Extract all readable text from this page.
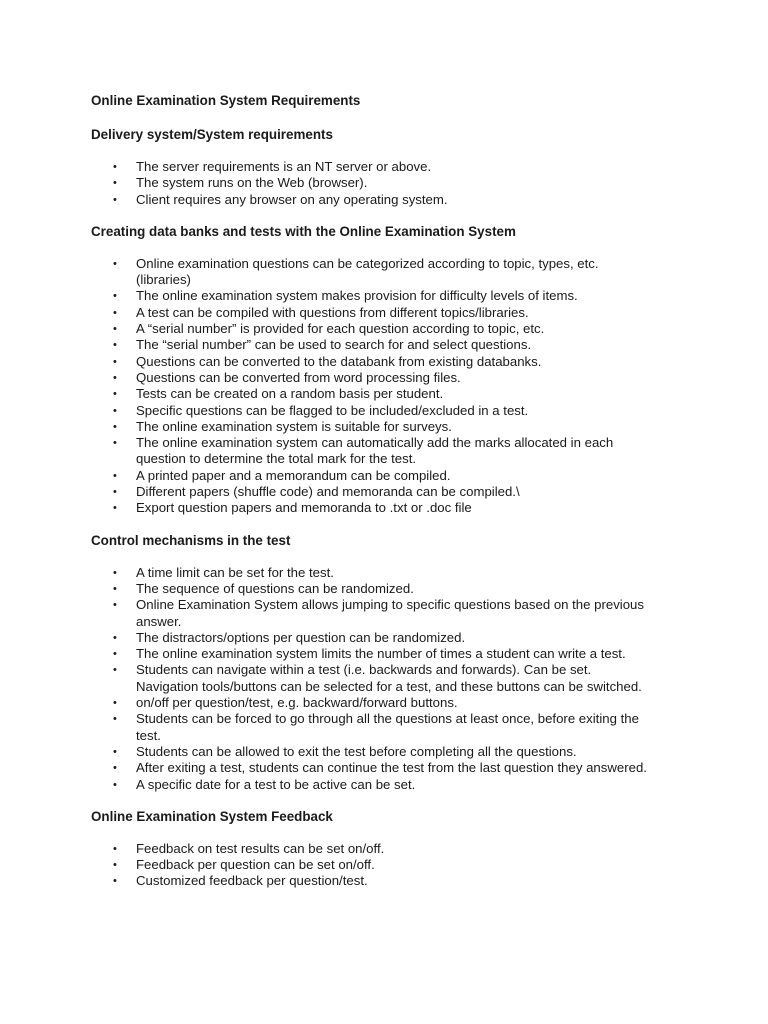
Online Examination System Requirements
Delivery system/System requirements
• The server requirements is an NT server or above.
• The system runs on the Web (browser).
• Client requires any browser on any operating system.
Creating data banks and tests with the Online Examination System
• Online examination questions can be categorized according to topic, types, etc.
(libraries)
• The online examination system makes provision for difficulty levels of items.
• A test can be compiled with questions from different topics/libraries.
• A “serial number” is provided for each question according to topic, etc.
• The “serial number” can be used to search for and select questions.
• Questions can be converted to the databank from existing databanks.
• Questions can be converted from word processing files.
• Tests can be created on a random basis per student.
• Specific questions can be flagged to be included/excluded in a test.
• The online examination system is suitable for surveys.
• The online examination system can automatically add the marks allocated in each
question to determine the total mark for the test.
• A printed paper and a memorandum can be compiled.
• Different papers (shuffle code) and memoranda can be compiled.\
• Export question papers and memoranda to .txt or .doc file
Control mechanisms in the test
• A time limit can be set for the test.
• The sequence of questions can be randomized.
• Online Examination System allows jumping to specific questions based on the previous
answer.
• The distractors/options per question can be randomized.
• The online examination system limits the number of times a student can write a test.
• Students can navigate within a test (i.e. backwards and forwards). Can be set.
Navigation tools/buttons can be selected for a test, and these buttons can be switched.
• on/off per question/test, e.g. backward/forward buttons.
• Students can be forced to go through all the questions at least once, before exiting the
test.
• Students can be allowed to exit the test before completing all the questions.
• After exiting a test, students can continue the test from the last question they answered.
• A specific date for a test to be active can be set.
Online Examination System Feedback
• Feedback on test results can be set on/off.
• Feedback per question can be set on/off.
• Customized feedback per question/test.
